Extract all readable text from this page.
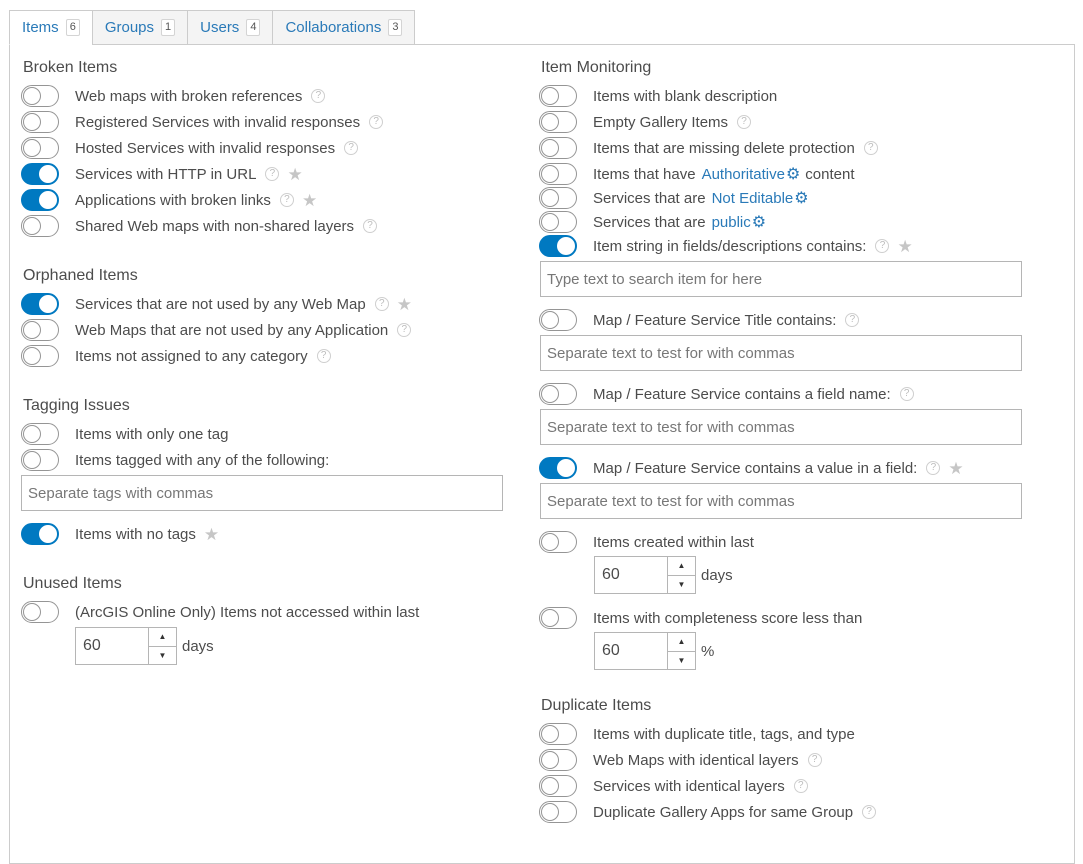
Items	6 Groups	1 Users	4 Collaborations	3
Broken Items
Web maps with broken references	?
Registered Services with invalid responses	?
Hosted Services with invalid responses	?
Services with HTTP in URL	? ★
Applications with broken links	? ★
Shared Web maps with non-shared layers	?
Orphaned Items
Services that are not used by any Web Map	? ★
Web Maps that are not used by any Application	?
Items not assigned to any category	?
Tagging Issues
Items with only one tag
Items tagged with any of the following:
Separate tags with commas
Items with no tags ★
Unused Items
(ArcGIS Online Only) Items not accessed within last
60
▲
▼
days
Item Monitoring
Items with blank description
Empty Gallery Items	?
Items that are missing delete protection	?
Items that have Authoritative ⚙ content
Services that are Not Editable ⚙
Services that are public ⚙
Item string in fields/descriptions contains:	? ★
Type text to search item for here
Map / Feature Service Title contains:	?
Separate text to test for with commas
Map / Feature Service contains a field name:	?
Separate text to test for with commas
Map / Feature Service contains a value in a field:	? ★
Separate text to test for with commas
Items created within last
60
▲
▼
days
Items with completeness score less than
60
▲
▼
%
Duplicate Items
Items with duplicate title, tags, and type
Web Maps with identical layers	?
Services with identical layers	?
Duplicate Gallery Apps for same Group	?
